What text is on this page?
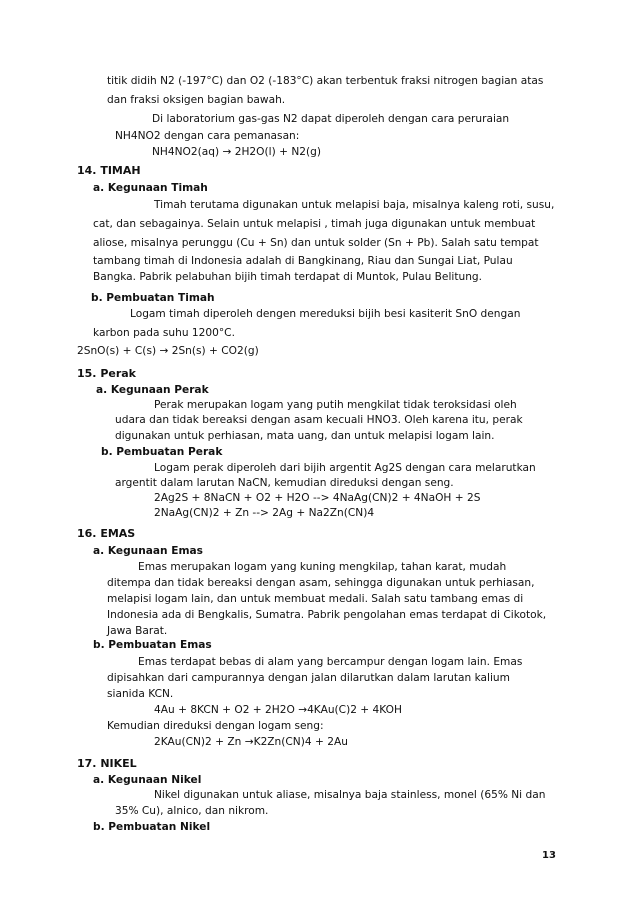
titik didih N2 (-197°C) dan O2 (-183°C) akan terbentuk fraksi nitrogen bagian atas
dan fraksi oksigen bagian bawah.
Di laboratorium gas-gas N2 dapat diperoleh dengan cara peruraian
NH4NO2 dengan cara pemanasan:
NH4NO2(aq) → 2H2O(l) + N2(g)
14. TIMAH
a. Kegunaan Timah
Timah terutama digunakan untuk melapisi baja, misalnya kaleng roti, susu,
cat, dan sebagainya. Selain untuk melapisi , timah juga digunakan untuk membuat
aliose, misalnya perunggu (Cu + Sn) dan untuk solder (Sn + Pb). Salah satu tempat
tambang timah di Indonesia adalah di Bangkinang, Riau dan Sungai Liat, Pulau
Bangka. Pabrik pelabuhan bijih timah terdapat di Muntok, Pulau Belitung.
b. Pembuatan Timah
Logam timah diperoleh dengen mereduksi bijih besi kasiterit SnO dengan
karbon pada suhu 1200°C.
2SnO(s) + C(s) → 2Sn(s) + CO2(g)
15. Perak
a. Kegunaan Perak
Perak merupakan logam yang putih mengkilat tidak teroksidasi oleh
udara dan tidak bereaksi dengan asam kecuali HNO3. Oleh karena itu, perak
digunakan untuk perhiasan, mata uang, dan untuk melapisi logam lain.
b. Pembuatan Perak
Logam perak diperoleh dari bijih argentit Ag2S dengan cara melarutkan
argentit dalam larutan NaCN, kemudian direduksi dengan seng.
2Ag2S + 8NaCN + O2 + H2O --> 4NaAg(CN)2 + 4NaOH + 2S
2NaAg(CN)2 + Zn --> 2Ag + Na2Zn(CN)4
16. EMAS
a. Kegunaan Emas
Emas merupakan logam yang kuning mengkilap, tahan karat, mudah
ditempa dan tidak bereaksi dengan asam, sehingga digunakan untuk perhiasan,
melapisi logam lain, dan untuk membuat medali. Salah satu tambang emas di
Indonesia ada di Bengkalis, Sumatra. Pabrik pengolahan emas terdapat di Cikotok,
Jawa Barat.
b. Pembuatan Emas
Emas terdapat bebas di alam yang bercampur dengan logam lain. Emas
dipisahkan dari campurannya dengan jalan dilarutkan dalam larutan kalium
sianida KCN.
4Au + 8KCN + O2 + 2H2O →4KAu(C)2 + 4KOH
Kemudian direduksi dengan logam seng:
2KAu(CN)2 + Zn →K2Zn(CN)4 + 2Au
17. NIKEL
a. Kegunaan Nikel
Nikel digunakan untuk aliase, misalnya baja stainless, monel (65% Ni dan
35% Cu), alnico, dan nikrom.
b. Pembuatan Nikel
13
